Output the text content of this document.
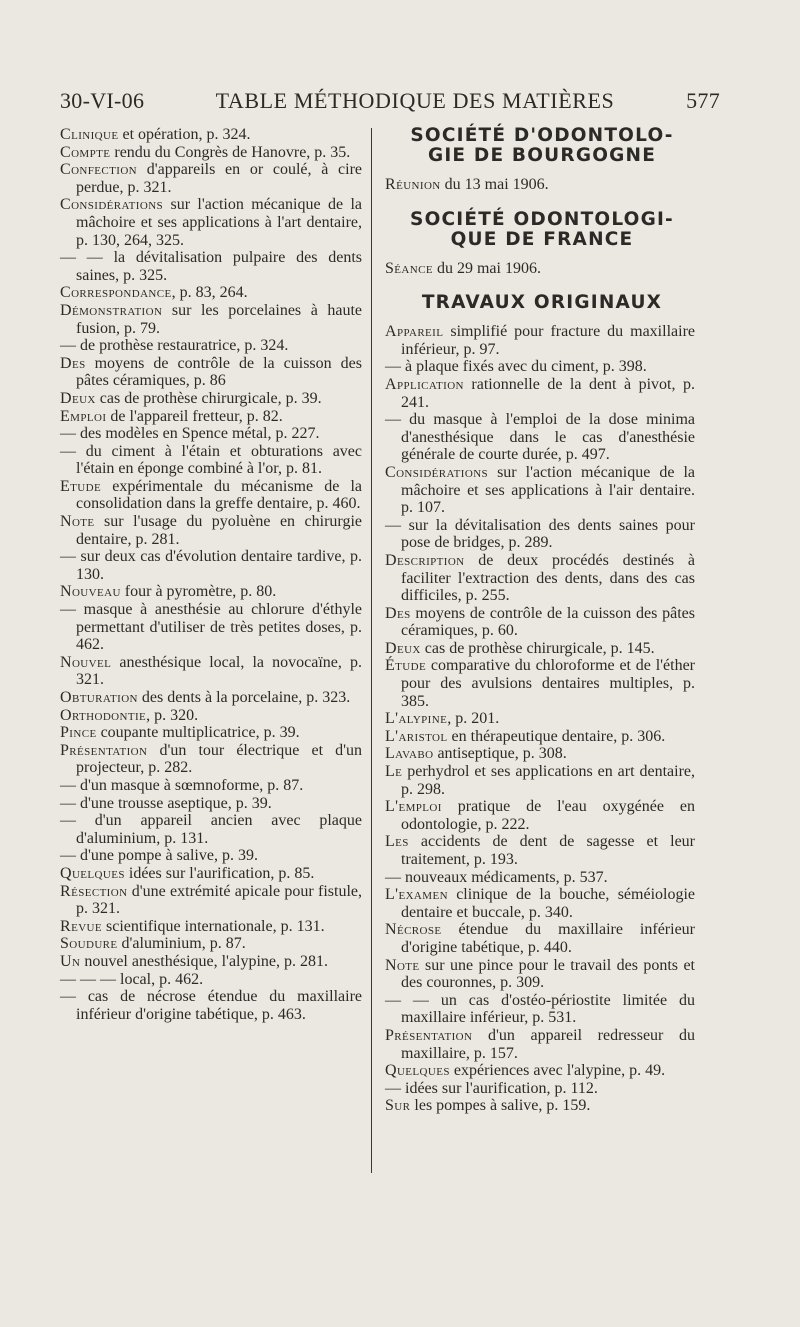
30-VI-06	TABLE MÉTHODIQUE DES MATIÈRES	577
Clinique et opération, p. 324.
Compte rendu du Congrès de Hanovre, p. 35.
Confection d'appareils en or coulé, à cire perdue, p. 321.
Considérations sur l'action mécanique de la mâchoire et ses applications à l'art dentaire, p. 130, 264, 325.
— — la dévitalisation pulpaire des dents saines, p. 325.
Correspondance, p. 83, 264.
Démonstration sur les porcelaines à haute fusion, p. 79.
— de prothèse restauratrice, p. 324.
Des moyens de contrôle de la cuisson des pâtes céramiques, p. 86
Deux cas de prothèse chirurgicale, p. 39.
Emploi de l'appareil fretteur, p. 82.
— des modèles en Spence métal, p. 227.
— du ciment à l'étain et obturations avec l'étain en éponge combiné à l'or, p. 81.
Etude expérimentale du mécanisme de la consolidation dans la greffe dentaire, p. 460.
Note sur l'usage du pyoluène en chirurgie dentaire, p. 281.
— sur deux cas d'évolution dentaire tardive, p. 130.
Nouveau four à pyromètre, p. 80.
— masque à anesthésie au chlorure d'éthyle permettant d'utiliser de très petites doses, p. 462.
Nouvel anesthésique local, la novocaïne, p. 321.
Obturation des dents à la porcelaine, p. 323.
Orthodontie, p. 320.
Pince coupante multiplicatrice, p. 39.
Présentation d'un tour électrique et d'un projecteur, p. 282.
— d'un masque à sœmnoforme, p. 87.
— d'une trousse aseptique, p. 39.
— d'un appareil ancien avec plaque d'aluminium, p. 131.
— d'une pompe à salive, p. 39.
Quelques idées sur l'aurification, p. 85.
Résection d'une extrémité apicale pour fistule, p. 321.
Revue scientifique internationale, p. 131.
Soudure d'aluminium, p. 87.
Un nouvel anesthésique, l'alypine, p. 281.
— — — local, p. 462.
— cas de nécrose étendue du maxillaire inférieur d'origine tabétique, p. 463.
SOCIÉTÉ D'ODONTOLO-
GIE DE BOURGOGNE
Réunion du 13 mai 1906.
SOCIÉTÉ ODONTOLOGI-
QUE DE FRANCE
Séance du 29 mai 1906.
TRAVAUX ORIGINAUX
Appareil simplifié pour fracture du maxillaire inférieur, p. 97.
— à plaque fixés avec du ciment, p. 398.
Application rationnelle de la dent à pivot, p. 241.
— du masque à l'emploi de la dose minima d'anesthésique dans le cas d'anesthésie générale de courte durée, p. 497.
Considérations sur l'action mécanique de la mâchoire et ses applications à l'air dentaire. p. 107.
— sur la dévitalisation des dents saines pour pose de bridges, p. 289.
Description de deux procédés destinés à faciliter l'extraction des dents, dans des cas difficiles, p. 255.
Des moyens de contrôle de la cuisson des pâtes céramiques, p. 60.
Deux cas de prothèse chirurgicale, p. 145.
Étude comparative du chloroforme et de l'éther pour des avulsions dentaires multiples, p. 385.
L'alypine, p. 201.
L'aristol en thérapeutique dentaire, p. 306.
Lavabo antiseptique, p. 308.
Le perhydrol et ses applications en art dentaire, p. 298.
L'emploi pratique de l'eau oxygénée en odontologie, p. 222.
Les accidents de dent de sagesse et leur traitement, p. 193.
— nouveaux médicaments, p. 537.
L'examen clinique de la bouche, séméiologie dentaire et buccale, p. 340.
Nécrose étendue du maxillaire inférieur d'origine tabétique, p. 440.
Note sur une pince pour le travail des ponts et des couronnes, p. 309.
— — un cas d'ostéo-périostite limitée du maxillaire inférieur, p. 531.
Présentation d'un appareil redresseur du maxillaire, p. 157.
Quelques expériences avec l'alypine, p. 49.
— idées sur l'aurification, p. 112.
Sur les pompes à salive, p. 159.
